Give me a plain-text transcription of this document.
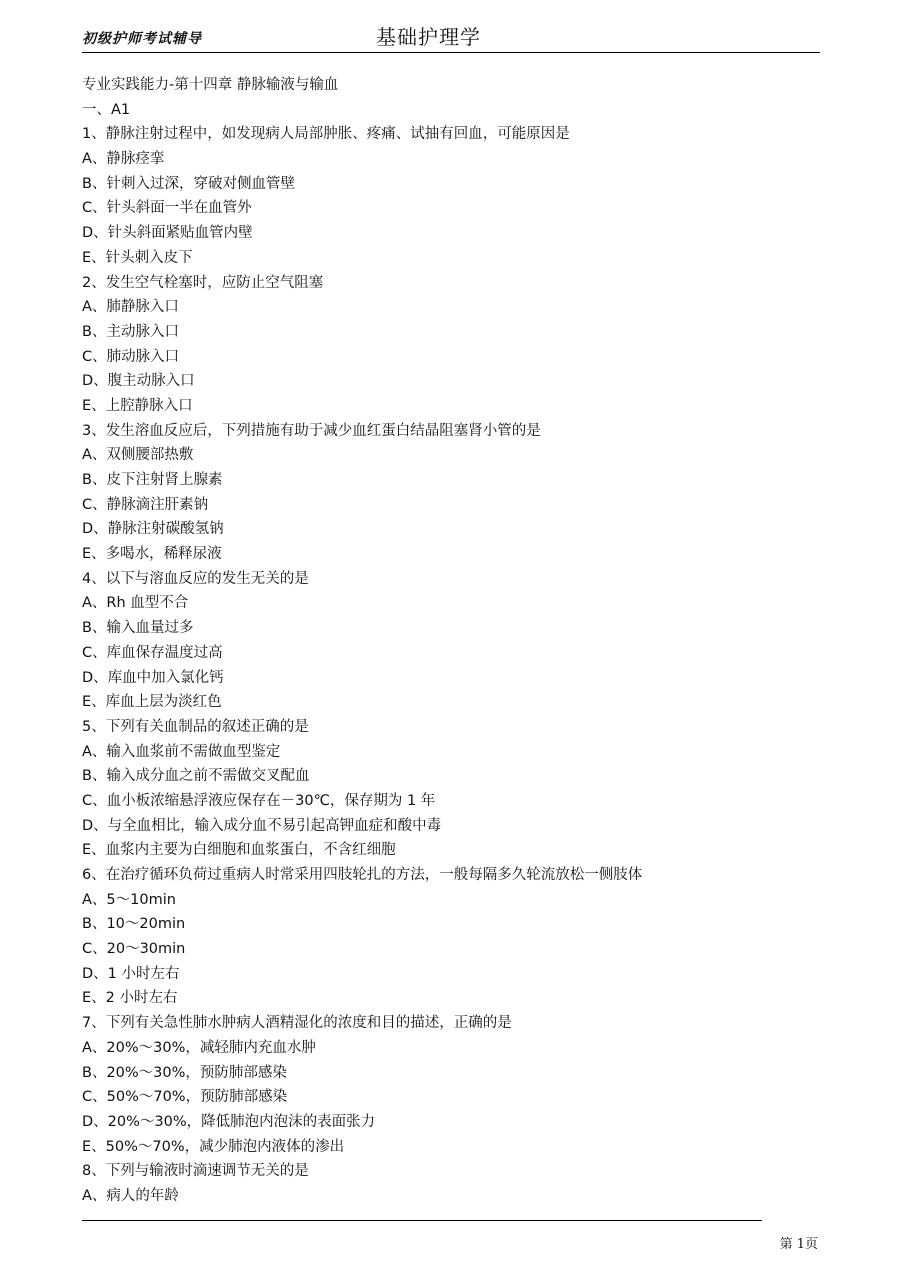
初级护师考试辅导	基础护理学
专业实践能力-第十四章 静脉输液与输血
一、A1
1、静脉注射过程中，如发现病人局部肿胀、疼痛、试抽有回血，可能原因是
A、静脉痉挛
B、针刺入过深，穿破对侧血管壁
C、针头斜面一半在血管外
D、针头斜面紧贴血管内壁
E、针头刺入皮下
2、发生空气栓塞时，应防止空气阻塞
A、肺静脉入口
B、主动脉入口
C、肺动脉入口
D、腹主动脉入口
E、上腔静脉入口
3、发生溶血反应后，下列措施有助于减少血红蛋白结晶阻塞肾小管的是
A、双侧腰部热敷
B、皮下注射肾上腺素
C、静脉滴注肝素钠
D、静脉注射碳酸氢钠
E、多喝水，稀释尿液
4、以下与溶血反应的发生无关的是
A、Rh 血型不合
B、输入血量过多
C、库血保存温度过高
D、库血中加入氯化钙
E、库血上层为淡红色
5、下列有关血制品的叙述正确的是
A、输入血浆前不需做血型鉴定
B、输入成分血之前不需做交叉配血
C、血小板浓缩悬浮液应保存在－30℃，保存期为 1 年
D、与全血相比，输入成分血不易引起高钾血症和酸中毒
E、血浆内主要为白细胞和血浆蛋白，不含红细胞
6、在治疗循环负荷过重病人时常采用四肢轮扎的方法，一般每隔多久轮流放松一侧肢体
A、5～10min
B、10～20min
C、20～30min
D、1 小时左右
E、2 小时左右
7、下列有关急性肺水肿病人酒精湿化的浓度和目的描述，正确的是
A、20%～30%，减轻肺内充血水肿
B、20%～30%，预防肺部感染
C、50%～70%，预防肺部感染
D、20%～30%，降低肺泡内泡沫的表面张力
E、50%～70%，减少肺泡内液体的渗出
8、下列与输液时滴速调节无关的是
A、病人的年龄
第 1页
